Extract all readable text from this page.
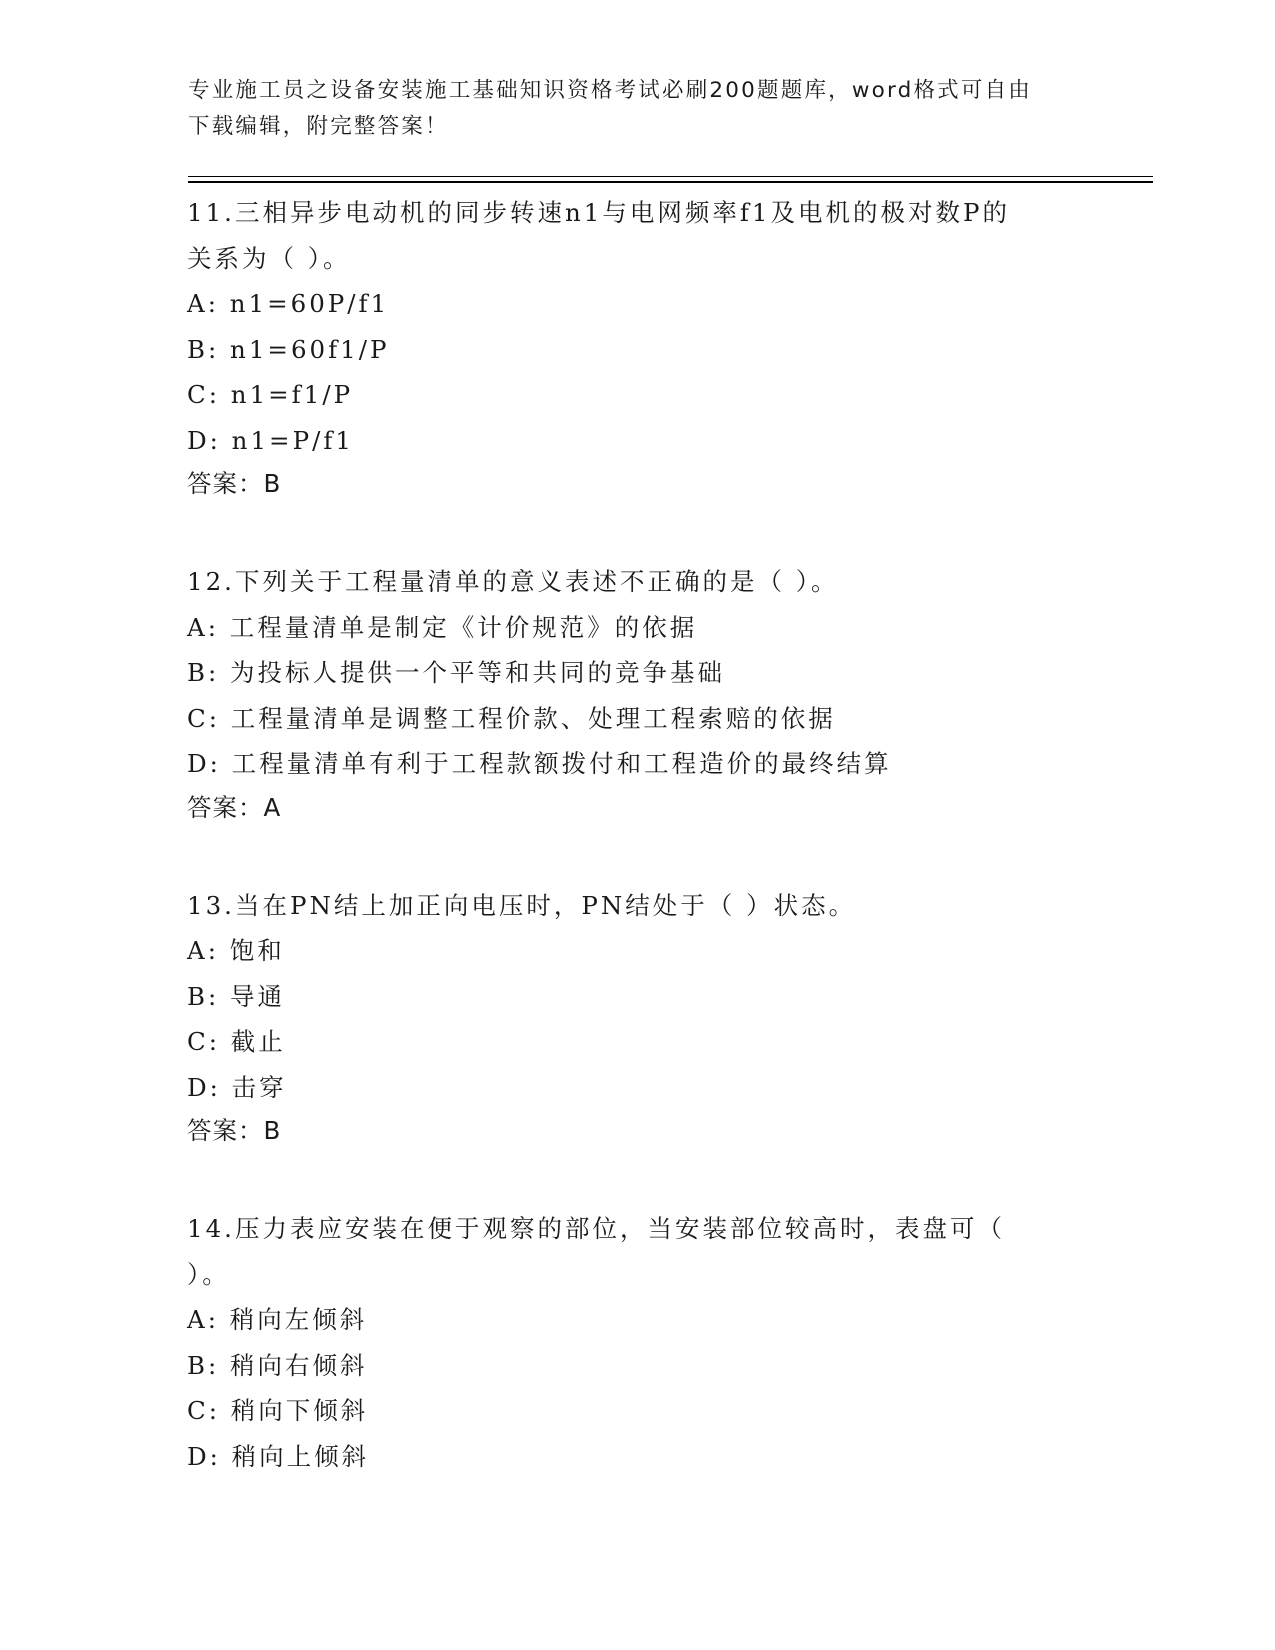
专业施工员之设备安装施工基础知识资格考试必刷200题题库，word格式可自由
下载编辑，附完整答案！
11.三相异步电动机的同步转速n1与电网频率f1及电机的极对数P的
关系为（ ）。
A: n1=60P/f1
B: n1=60f1/P
C: n1=f1/P
D: n1=P/f1
答案：B
12.下列关于工程量清单的意义表述不正确的是（ ）。
A: 工程量清单是制定《计价规范》的依据
B: 为投标人提供一个平等和共同的竞争基础
C: 工程量清单是调整工程价款、处理工程索赔的依据
D: 工程量清单有利于工程款额拨付和工程造价的最终结算
答案：A
13.当在PN结上加正向电压时，PN结处于（ ）状态。
A: 饱和
B: 导通
C: 截止
D: 击穿
答案：B
14.压力表应安装在便于观察的部位，当安装部位较高时，表盘可（
）。
A: 稍向左倾斜
B: 稍向右倾斜
C: 稍向下倾斜
D: 稍向上倾斜
